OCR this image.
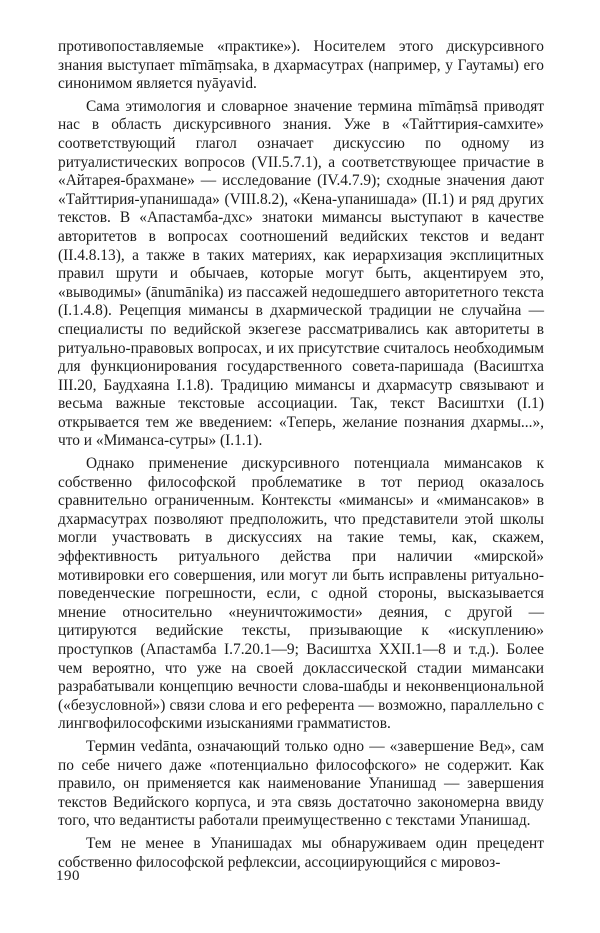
противопоставляемые «практике»). Носителем этого дискурсивного знания выступает mīmāṃsaka, в дхармасутрах (например, у Гаутамы) его синонимом является nyāyavid.

Сама этимология и словарное значение термина mīmāṃsā приводят нас в область дискурсивного знания. Уже в «Тайттирия-самхите» соответствующий глагол означает дискуссию по одному из ритуалистических вопросов (VII.5.7.1), а соответствующее причастие в «Айтарея-брахмане» — исследование (IV.4.7.9); сходные значения дают «Тайттирия-упанишада» (VIII.8.2), «Кена-упанишада» (II.1) и ряд других текстов. В «Апастамба-дхс» знатоки мимансы выступают в качестве авторитетов в вопросах соотношений ведийских текстов и ведант (II.4.8.13), а также в таких материях, как иерархизация эксплицитных правил шрути и обычаев, которые могут быть, акцентируем это, «выводимы» (ānumānika) из пассажей недошедшего авторитетного текста (I.1.4.8). Рецепция мимансы в дхармической традиции не случайна — специалисты по ведийской экзегезе рассматривались как авторитеты в ритуально-правовых вопросах, и их присутствие считалось необходимым для функционирования государственного совета-паришада (Васиштха III.20, Баудхаяна I.1.8). Традицию мимансы и дхармасутр связывают и весьма важные текстовые ассоциации. Так, текст Васиштхи (I.1) открывается тем же введением: «Теперь, желание познания дхармы...», что и «Миманса-сутры» (I.1.1).

Однако применение дискурсивного потенциала мимансаков к собственно философской проблематике в тот период оказалось сравнительно ограниченным. Контексты «мимансы» и «мимансаков» в дхармасутрах позволяют предположить, что представители этой школы могли участвовать в дискуссиях на такие темы, как, скажем, эффективность ритуального действа при наличии «мирской» мотивировки его совершения, или могут ли быть исправлены ритуально-поведенческие погрешности, если, с одной стороны, высказывается мнение относительно «неуничтожимости» деяния, с другой — цитируются ведийские тексты, призывающие к «искуплению» проступков (Апастамба I.7.20.1—9; Васиштха XXII.1—8 и т.д.). Более чем вероятно, что уже на своей доклассической стадии мимансаки разрабатывали концепцию вечности слова-шабды и неконвенциональной («безусловной») связи слова и его референта — возможно, параллельно с лингвофилософскими изысканиями грамматистов.

Термин vedānta, означающий только одно — «завершение Вед», сам по себе ничего даже «потенциально философского» не содержит. Как правило, он применяется как наименование Упанишад — завершения текстов Ведийского корпуса, и эта связь достаточно закономерна ввиду того, что ведантисты работали преимущественно с текстами Упанишад.

Тем не менее в Упанишадах мы обнаруживаем один прецедент собственно философской рефлексии, ассоциирующийся с мировоз-

190
